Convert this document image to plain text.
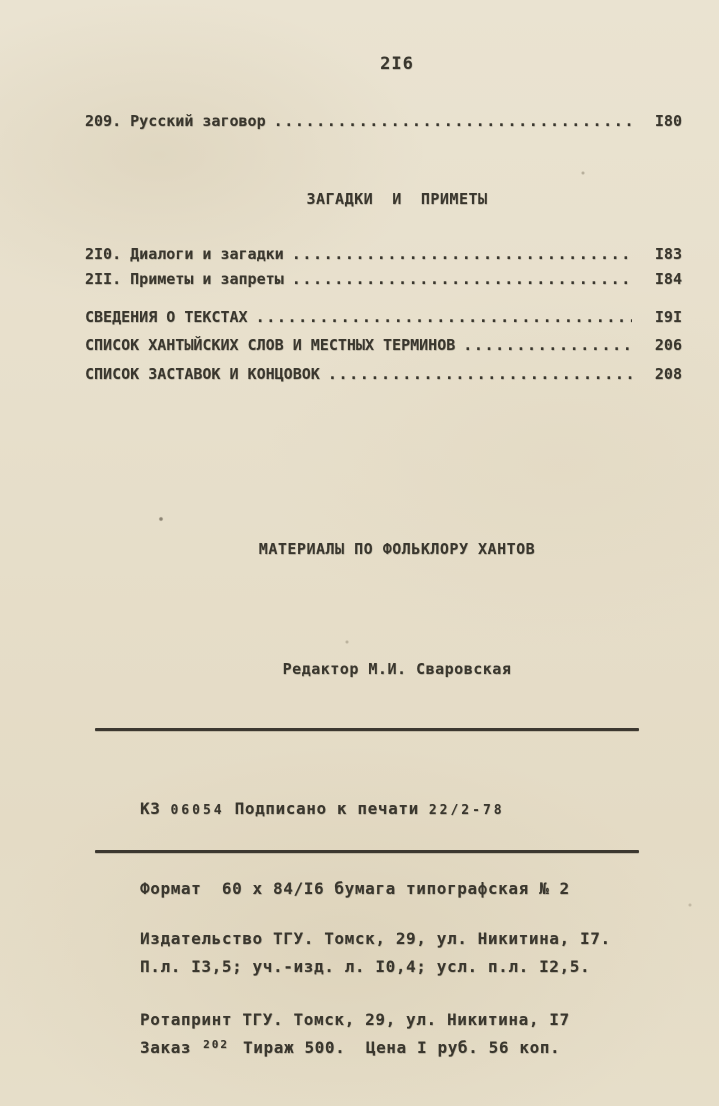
2I6
209. Русский заговор .....	I80
ЗАГАДКИ  И  ПРИМЕТЫ
2I0. Диалоги и загадки .....	I83
2II. Приметы и запреты .....	I84
СВЕДЕНИЯ О ТЕКСТАХ .....	I9I
СПИСОК ХАНТЫЙСКИХ СЛОВ И МЕСТНЫХ ТЕРМИНОВ .....	206
СПИСОК ЗАСТАВОК И КОНЦОВОК .....	208
МАТЕРИАЛЫ ПО ФОЛЬКЛОРУ ХАНТОВ
Редактор М.И. Сваровская

КЗ 06054 Подписано к печати 22/2-78

Формат  60 х 84/I6 бумага типографская № 2

П.л. I3,5; уч.-изд. л. I0,4; усл. п.л. I2,5.

Заказ $^{202}$ Тираж 500.  Цена I руб. 56 коп.

Издательство ТГУ. Томск, 29, ул. Никитина, I7.

Ротапринт ТГУ. Томск, 29, ул. Никитина, I7
